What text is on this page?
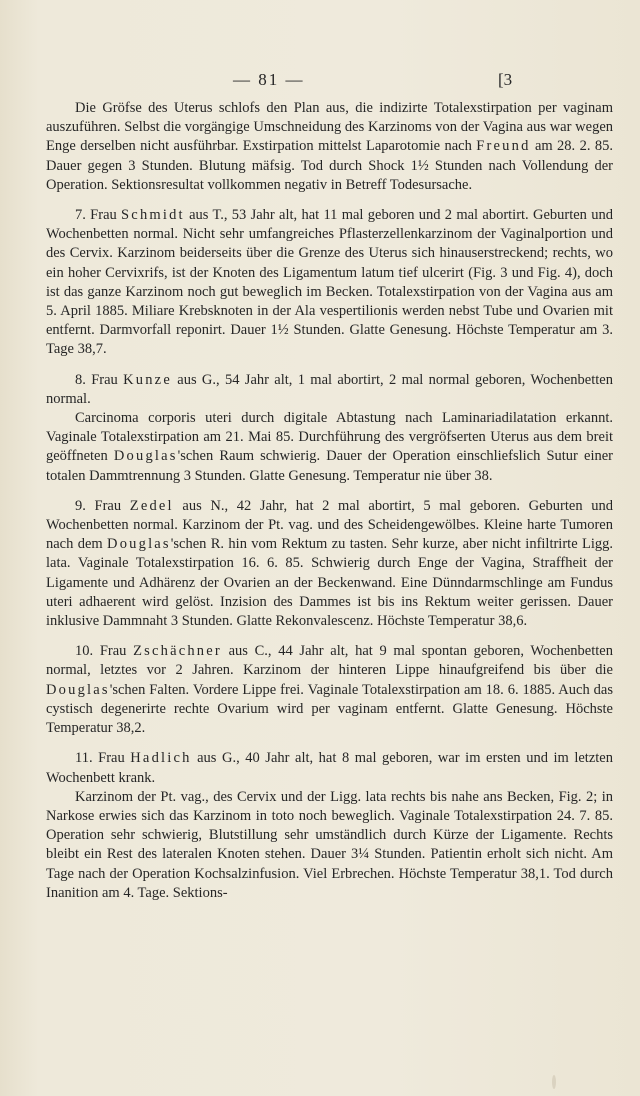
— 81 —	[3

Die Gröfse des Uterus schlofs den Plan aus, die indizirte Totalexstirpation per vaginam auszuführen. Selbst die vorgängige Umschneidung des Karzinoms von der Vagina aus war wegen Enge derselben nicht ausführbar. Exstirpation mittelst Laparotomie nach Freund am 28. 2. 85. Dauer gegen 3 Stunden. Blutung mäfsig. Tod durch Shock 1½ Stunden nach Vollendung der Operation. Sektionsresultat vollkommen negativ in Betreff Todesursache.

7. Frau Schmidt aus T., 53 Jahr alt, hat 11 mal geboren und 2 mal abortirt. Geburten und Wochenbetten normal. Nicht sehr umfangreiches Pflasterzellenkarzinom der Vaginalportion und des Cervix. Karzinom beiderseits über die Grenze des Uterus sich hinauserstreckend; rechts, wo ein hoher Cervixrifs, ist der Knoten des Ligamentum latum tief ulcerirt (Fig. 3 und Fig. 4), doch ist das ganze Karzinom noch gut beweglich im Becken. Totalexstirpation von der Vagina aus am 5. April 1885. Miliare Krebsknoten in der Ala vespertilionis werden nebst Tube und Ovarien mit entfernt. Darmvorfall reponirt. Dauer 1½ Stunden. Glatte Genesung. Höchste Temperatur am 3. Tage 38,7.

8. Frau Kunze aus G., 54 Jahr alt, 1 mal abortirt, 2 mal normal geboren, Wochenbetten normal.

Carcinoma corporis uteri durch digitale Abtastung nach Laminariadilatation erkannt. Vaginale Totalexstirpation am 21. Mai 85. Durchführung des vergröfserten Uterus aus dem breit geöffneten Douglas'schen Raum schwierig. Dauer der Operation einschliefslich Sutur einer totalen Dammtrennung 3 Stunden. Glatte Genesung. Temperatur nie über 38.

9. Frau Zedel aus N., 42 Jahr, hat 2 mal abortirt, 5 mal geboren. Geburten und Wochenbetten normal. Karzinom der Pt. vag. und des Scheidengewölbes. Kleine harte Tumoren nach dem Douglas'schen R. hin vom Rektum zu tasten. Sehr kurze, aber nicht infiltrirte Ligg. lata. Vaginale Totalexstirpation 16. 6. 85. Schwierig durch Enge der Vagina, Straffheit der Ligamente und Adhärenz der Ovarien an der Beckenwand. Eine Dünndarmschlinge am Fundus uteri adhaerent wird gelöst. Inzision des Dammes ist bis ins Rektum weiter gerissen. Dauer inklusive Dammnaht 3 Stunden. Glatte Rekonvalescenz. Höchste Temperatur 38,6.

10. Frau Zschächner aus C., 44 Jahr alt, hat 9 mal spontan geboren, Wochenbetten normal, letztes vor 2 Jahren. Karzinom der hinteren Lippe hinaufgreifend bis über die Douglas'schen Falten. Vordere Lippe frei. Vaginale Totalexstirpation am 18. 6. 1885. Auch das cystisch degenerirte rechte Ovarium wird per vaginam entfernt. Glatte Genesung. Höchste Temperatur 38,2.

11. Frau Hadlich aus G., 40 Jahr alt, hat 8 mal geboren, war im ersten und im letzten Wochenbett krank.

Karzinom der Pt. vag., des Cervix und der Ligg. lata rechts bis nahe ans Becken, Fig. 2; in Narkose erwies sich das Karzinom in toto noch beweglich. Vaginale Totalexstirpation 24. 7. 85. Operation sehr schwierig, Blutstillung sehr umständlich durch Kürze der Ligamente. Rechts bleibt ein Rest des lateralen Knoten stehen. Dauer 3¼ Stunden. Patientin erholt sich nicht. Am Tage nach der Operation Kochsalzinfusion. Viel Erbrechen. Höchste Temperatur 38,1. Tod durch Inanition am 4. Tage. Sektions-
